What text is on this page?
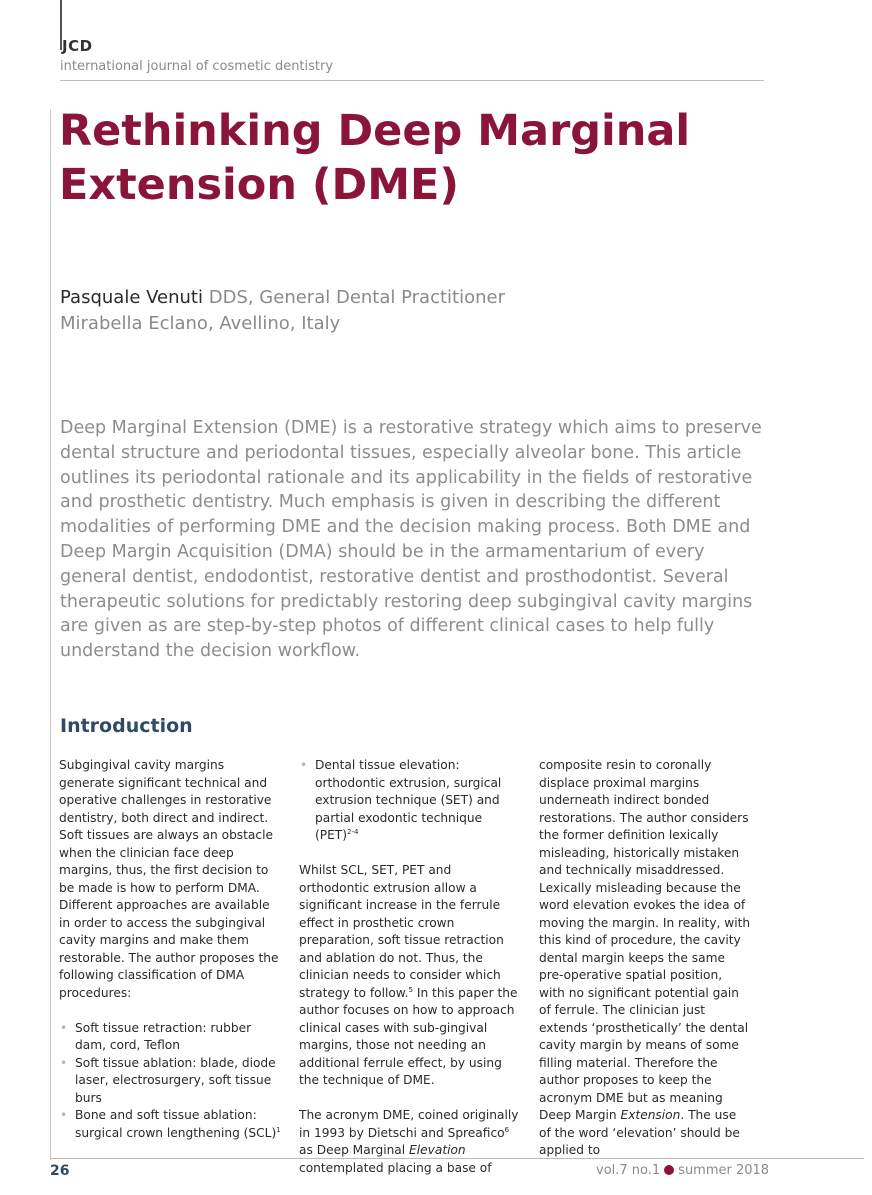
JCD
international journal of cosmetic dentistry
Rethinking Deep Marginal
Extension (DME)
Pasquale Venuti DDS, General Dental Practitioner
Mirabella Eclano, Avellino, Italy
Deep Marginal Extension (DME) is a restorative strategy which aims to preserve dental structure and periodontal tissues, especially alveolar bone. This article outlines its periodontal rationale and its applicability in the fields of restorative and prosthetic dentistry. Much emphasis is given in describing the different modalities of performing DME and the decision making process. Both DME and Deep Margin Acquisition (DMA) should be in the armamentarium of every general dentist, endodontist, restorative dentist and prosthodontist. Several therapeutic solutions for predictably restoring deep subgingival cavity margins are given as are step-by-step photos of different clinical cases to help fully understand the decision workflow.
Introduction

Subgingival cavity margins generate significant technical and operative challenges in restorative dentistry, both direct and indirect. Soft tissues are always an obstacle when the clinician face deep margins, thus, the first decision to be made is how to perform DMA. Different approaches are available in order to access the subgingival cavity margins and make them restorable. The author proposes the following classification of DMA procedures:

• Soft tissue retraction: rubber dam, cord, Teflon
• Soft tissue ablation: blade, diode laser, electrosurgery, soft tissue burs
• Bone and soft tissue ablation: surgical crown lengthening (SCL)$^1$
• Dental tissue elevation: orthodontic extrusion, surgical extrusion technique (SET) and partial exodontic technique (PET)$^{2-4}$

Whilst SCL, SET, PET and orthodontic extrusion allow a significant increase in the ferrule effect in prosthetic crown preparation, soft tissue retraction and ablation do not. Thus, the clinician needs to consider which strategy to follow.$^5$ In this paper the author focuses on how to approach clinical cases with sub-gingival margins, those not needing an additional ferrule effect, by using the technique of DME.

The acronym DME, coined originally in 1993 by Dietschi and Spreafico$^6$ as Deep Marginal Elevation contemplated placing a base of

composite resin to coronally displace proximal margins underneath indirect bonded restorations. The author considers the former definition lexically misleading, historically mistaken and technically misaddressed. Lexically misleading because the word elevation evokes the idea of moving the margin. In reality, with this kind of procedure, the cavity dental margin keeps the same pre-operative spatial position, with no significant potential gain of ferrule. The clinician just extends ‘prosthetically’ the dental cavity margin by means of some filling material. Therefore the author proposes to keep the acronym DME but as meaning Deep Margin Extension. The use of the word ‘elevation’ should be applied to

26	vol.7 no.1 summer 2018
